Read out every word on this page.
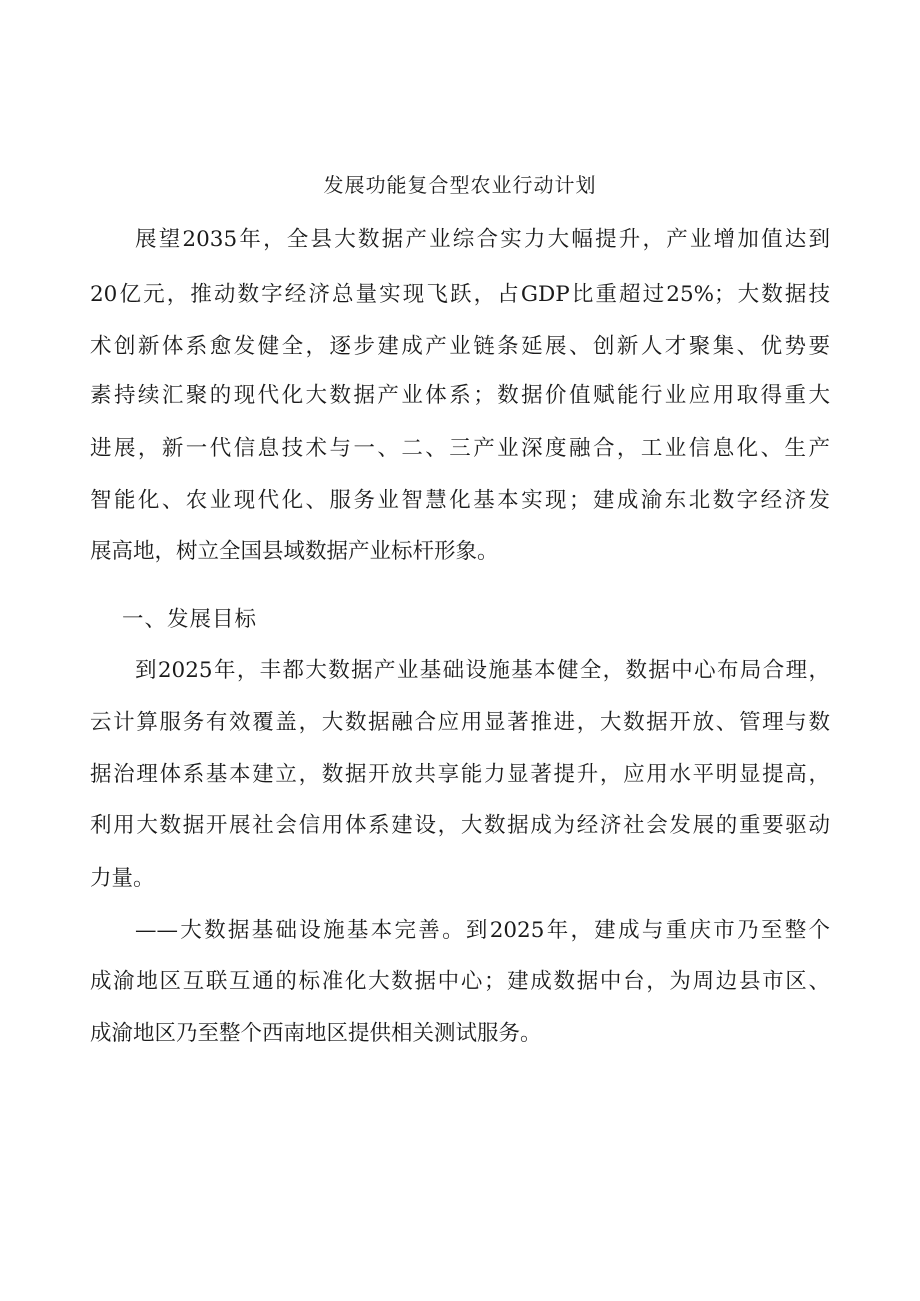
发展功能复合型农业行动计划
展望2035年，全县大数据产业综合实力大幅提升，产业增加值达到
20亿元，推动数字经济总量实现飞跃，占GDP比重超过25%；大数据技
术创新体系愈发健全，逐步建成产业链条延展、创新人才聚集、优势要
素持续汇聚的现代化大数据产业体系；数据价值赋能行业应用取得重大
进展，新一代信息技术与一、二、三产业深度融合，工业信息化、生产
智能化、农业现代化、服务业智慧化基本实现；建成渝东北数字经济发
展高地，树立全国县域数据产业标杆形象。
一、发展目标
到2025年，丰都大数据产业基础设施基本健全，数据中心布局合理，
云计算服务有效覆盖，大数据融合应用显著推进，大数据开放、管理与数
据治理体系基本建立，数据开放共享能力显著提升，应用水平明显提高，
利用大数据开展社会信用体系建设，大数据成为经济社会发展的重要驱动
力量。
——大数据基础设施基本完善。到2025年，建成与重庆市乃至整个
成渝地区互联互通的标准化大数据中心；建成数据中台，为周边县市区、
成渝地区乃至整个西南地区提供相关测试服务。
